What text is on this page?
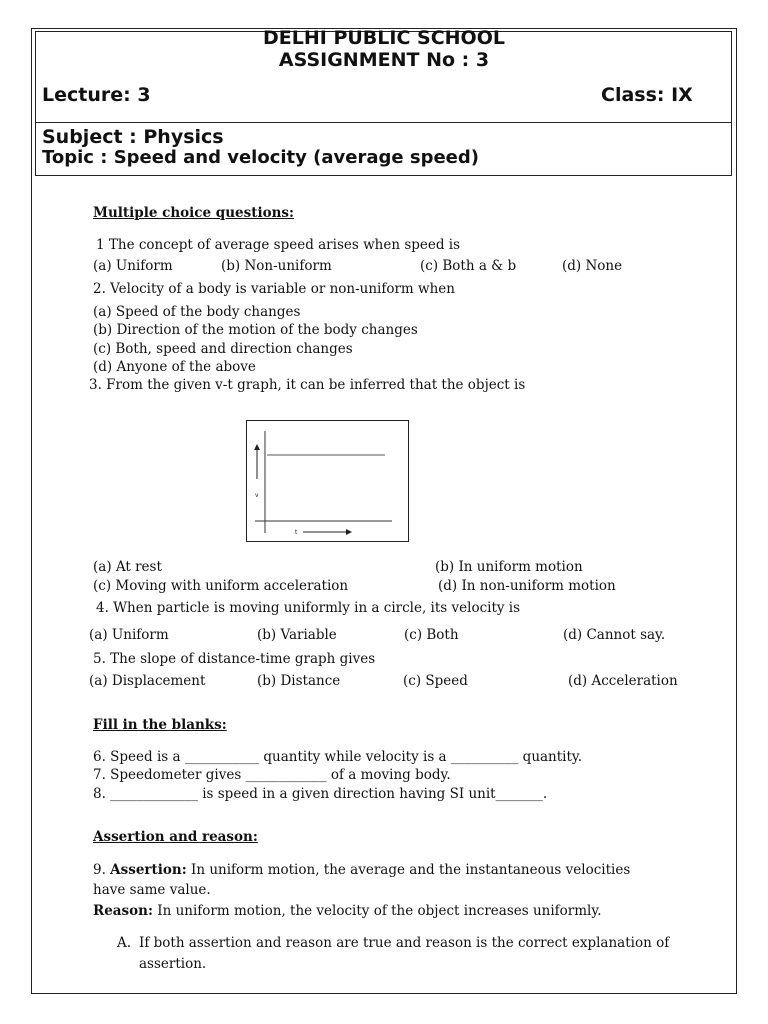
DELHI PUBLIC SCHOOL
ASSIGNMENT No : 3
Lecture: 3	Class: IX
Subject : Physics
Topic : Speed and velocity (average speed)
Multiple choice questions:
1 The concept of average speed arises when speed is
(a) Uniform	(b) Non-uniform	(c) Both a & b	(d) None
2. Velocity of a body is variable or non-uniform when
(a) Speed of the body changes
(b) Direction of the motion of the body changes
(c) Both, speed and direction changes
(d) Anyone of the above
3. From the given v-t graph, it can be inferred that the object is
v
t
(a) At rest	(b) In uniform motion
(c) Moving with uniform acceleration	(d) In non-uniform motion
4. When particle is moving uniformly in a circle, its velocity is
(a) Uniform	(b) Variable	(c) Both	(d) Cannot say.
5. The slope of distance-time graph gives
(a) Displacement	(b) Distance	(c) Speed	(d) Acceleration
Fill in the blanks:
6. Speed is a ___________ quantity while velocity is a __________ quantity.
7. Speedometer gives ____________ of a moving body.
8. _____________ is speed in a given direction having SI unit_______.
Assertion and reason:
9. Assertion: In uniform motion, the average and the instantaneous velocities
have same value.
Reason: In uniform motion, the velocity of the object increases uniformly.
A. If both assertion and reason are true and reason is the correct explanation of
assertion.
